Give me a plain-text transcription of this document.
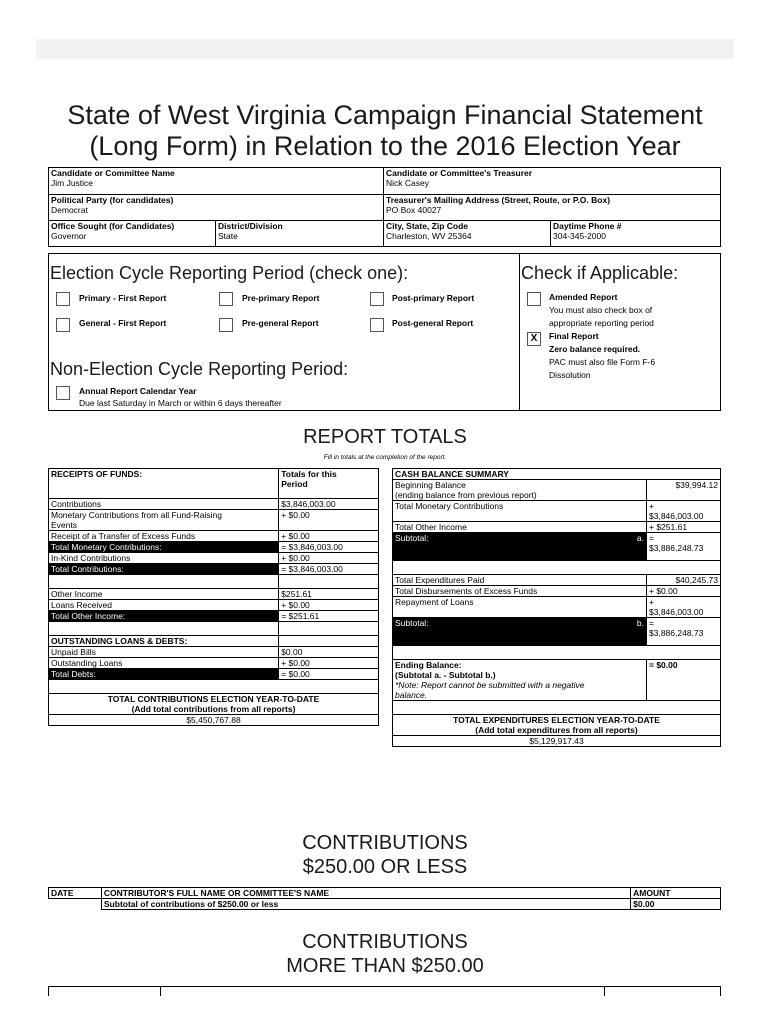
State of West Virginia Campaign Financial Statement
(Long Form) in Relation to the 2016 Election Year
Candidate or Committee Name
Jim Justice
Candidate or Committee's Treasurer
Nick Casey
Political Party (for candidates)
Democrat
Treasurer's Mailing Address (Street, Route, or P.O. Box)
PO Box 40027
Office Sought (for Candidates)
Governor
District/Division
State
City, State, Zip Code
Charleston, WV 25364
Daytime Phone #
304-345-2000
Election Cycle Reporting Period (check one):
Primary - First Report	Pre-primary Report	Post-primary Report
General - First Report	Pre-general Report	Post-general Report
Non-Election Cycle Reporting Period:
Annual Report Calendar Year
Due last Saturday in March or within 6 days thereafter
Check if Applicable:
Amended Report
You must also check box of
appropriate reporting period
X	Final Report
Zero balance required.
PAC must also file Form F-6
Dissolution
REPORT TOTALS
Fill in totals at the completion of the report.
RECEIPTS OF FUNDS:	Totals for this
Period

Contributions	$3,846,003.00

Monetary Contributions from all Fund-Raising
Events	+ $0.00
Receipt of a Transfer of Excess Funds	+ $0.00
Total Monetary Contributions:	= $3,846,003.00
In-Kind Contributions	+ $0.00
Total Contributions:	= $3,846,003.00

Other Income	$251.61
Loans Received	+ $0.00
Total Other Income:	= $251.61

OUTSTANDING LOANS & DEBTS:	
Unpaid Bills	$0.00
Outstanding Loans	+ $0.00
Total Debts:	= $0.00

TOTAL CONTRIBUTIONS ELECTION YEAR-TO-DATE
(Add total contributions from all reports)	

$5,450,767.88	
CASH BALANCE SUMMARY		

Beginning Balance
(ending balance from previous report)		$39,994.12
Total Monetary Contributions		+
$3,846,003.00

Total Other Income		+ $251.61
Subtotal:	a.	=
$3,886,248.73

Total Expenditures Paid		$40,245.73
Total Disbursements of Excess Funds		+ $0.00
Repayment of Loans		+
$3,846,003.00

Subtotal:	b.	=
$3,886,248.73

Ending Balance:
(Subtotal a. - Subtotal b.)
*Note: Report cannot be submitted with a negative
balance.		= $0.00

TOTAL EXPENDITURES ELECTION YEAR-TO-DATE
(Add total expenditures from all reports)		

$5,129,917.43		
CONTRIBUTIONS
$250.00 OR LESS
DATE	CONTRIBUTOR'S FULL NAME OR COMMITTEE'S NAME	AMOUNT
	Subtotal of contributions of $250.00 or less	$0.00
CONTRIBUTIONS
MORE THAN $250.00
